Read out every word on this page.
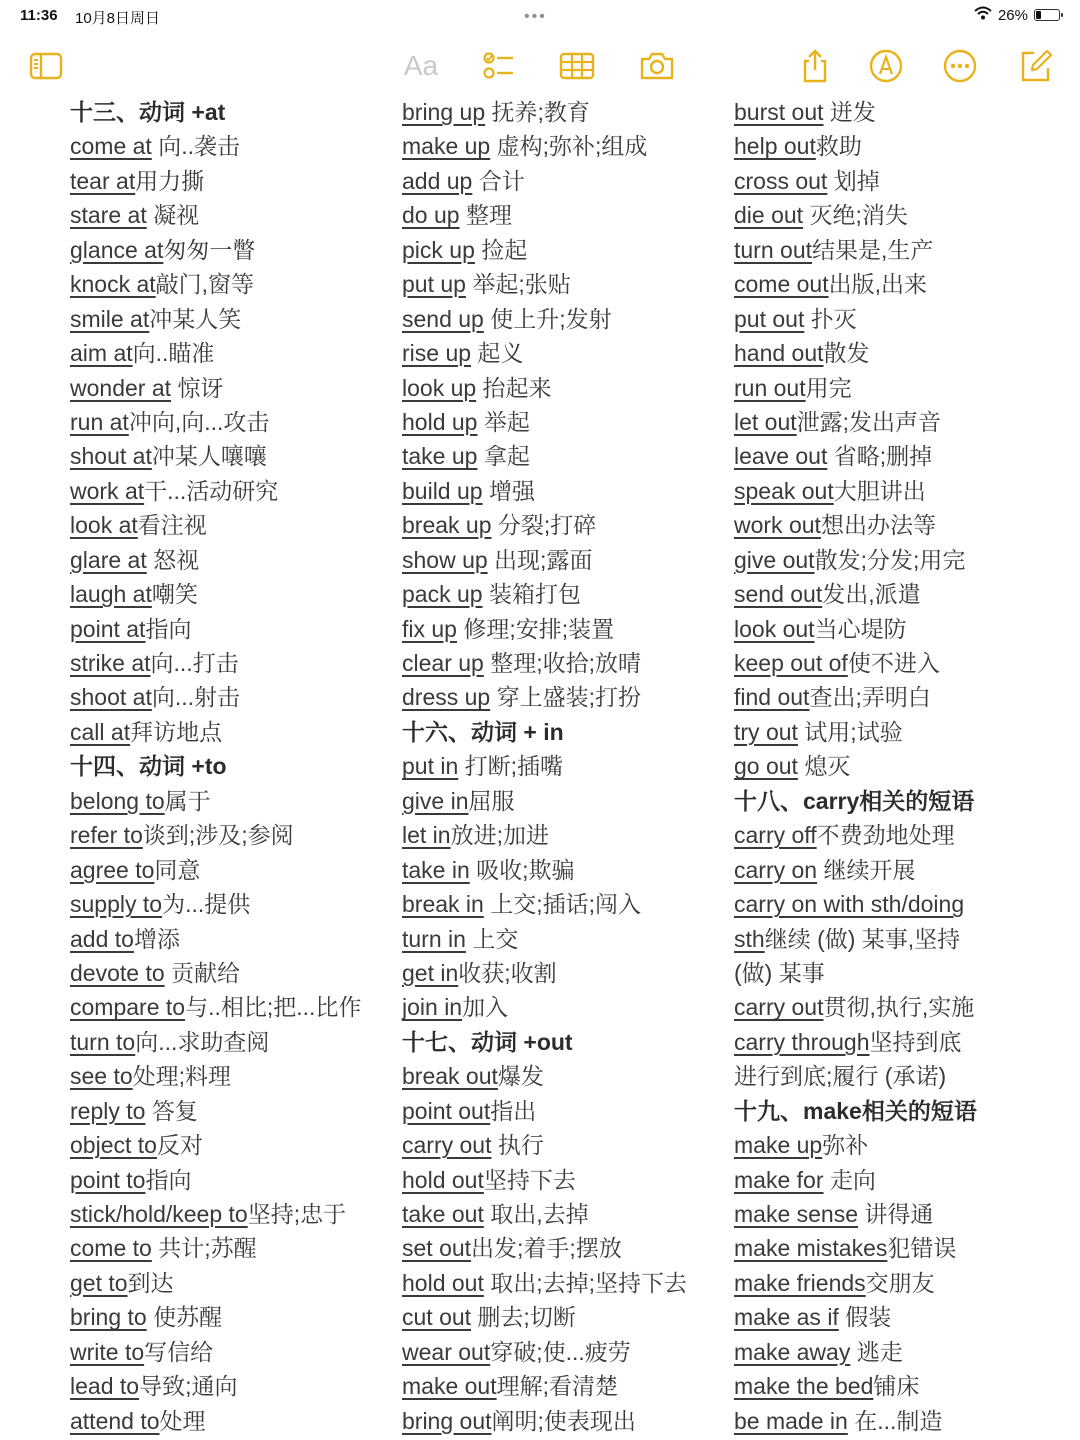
11:36 10月8日周日	•••	26%
Aa
十三、动词 +at
come at 向..袭击
tear at用力撕
stare at 凝视
glance at匆匆一瞥
knock at敲门,窗等
smile at冲某人笑
aim at向..瞄准
wonder at 惊讶
run at冲向,向...攻击
shout at冲某人嚷嚷
work at干...活动研究
look at看注视
glare at 怒视
laugh at嘲笑
point at指向
strike at向...打击
shoot at向...射击
call at拜访地点
十四、动词 +to
belong to属于
refer to谈到;涉及;参阅
agree to同意
supply to为...提供
add to增添
devote to 贡献给
compare to与..相比;把...比作
turn to向...求助查阅
see to处理;料理
reply to 答复
object to反对
point to指向
stick/hold/keep to坚持;忠于
come to 共计;苏醒
get to到达
bring to 使苏醒
write to写信给
lead to导致;通向
attend to处理
bring up 抚养;教育
make up 虚构;弥补;组成
add up 合计
do up 整理
pick up 捡起
put up 举起;张贴
send up 使上升;发射
rise up 起义
look up 抬起来
hold up 举起
take up 拿起
build up 增强
break up 分裂;打碎
show up 出现;露面
pack up 装箱打包
fix up 修理;安排;装置
clear up 整理;收拾;放晴
dress up 穿上盛装;打扮
十六、动词 + in
put in 打断;插嘴
give in屈服
let in放进;加进
take in 吸收;欺骗
break in 上交;插话;闯入
turn in 上交
get in收获;收割
join in加入
十七、动词 +out
break out爆发
point out指出
carry out 执行
hold out坚持下去
take out 取出,去掉
set out出发;着手;摆放
hold out 取出;去掉;坚持下去
cut out 删去;切断
wear out穿破;使...疲劳
make out理解;看清楚
bring out阐明;使表现出
burst out 迸发
help out救助
cross out 划掉
die out 灭绝;消失
turn out结果是,生产
come out出版,出来
put out 扑灭
hand out散发
run out用完
let out泄露;发出声音
leave out 省略;删掉
speak out大胆讲出
work out想出办法等
give out散发;分发;用完
send out发出,派遣
look out当心堤防
keep out of使不进入
find out查出;弄明白
try out 试用;试验
go out 熄灭
十八、carry相关的短语
carry off不费劲地处理
carry on 继续开展
carry on with sth/doing
sth继续 (做) 某事,坚持
(做) 某事
carry out贯彻,执行,实施
carry through坚持到底
进行到底;履行 (承诺)
十九、make相关的短语
make up弥补
make for 走向
make sense 讲得通
make mistakes犯错误
make friends交朋友
make as if 假装
make away 逃走
make the bed铺床
be made in 在...制造
